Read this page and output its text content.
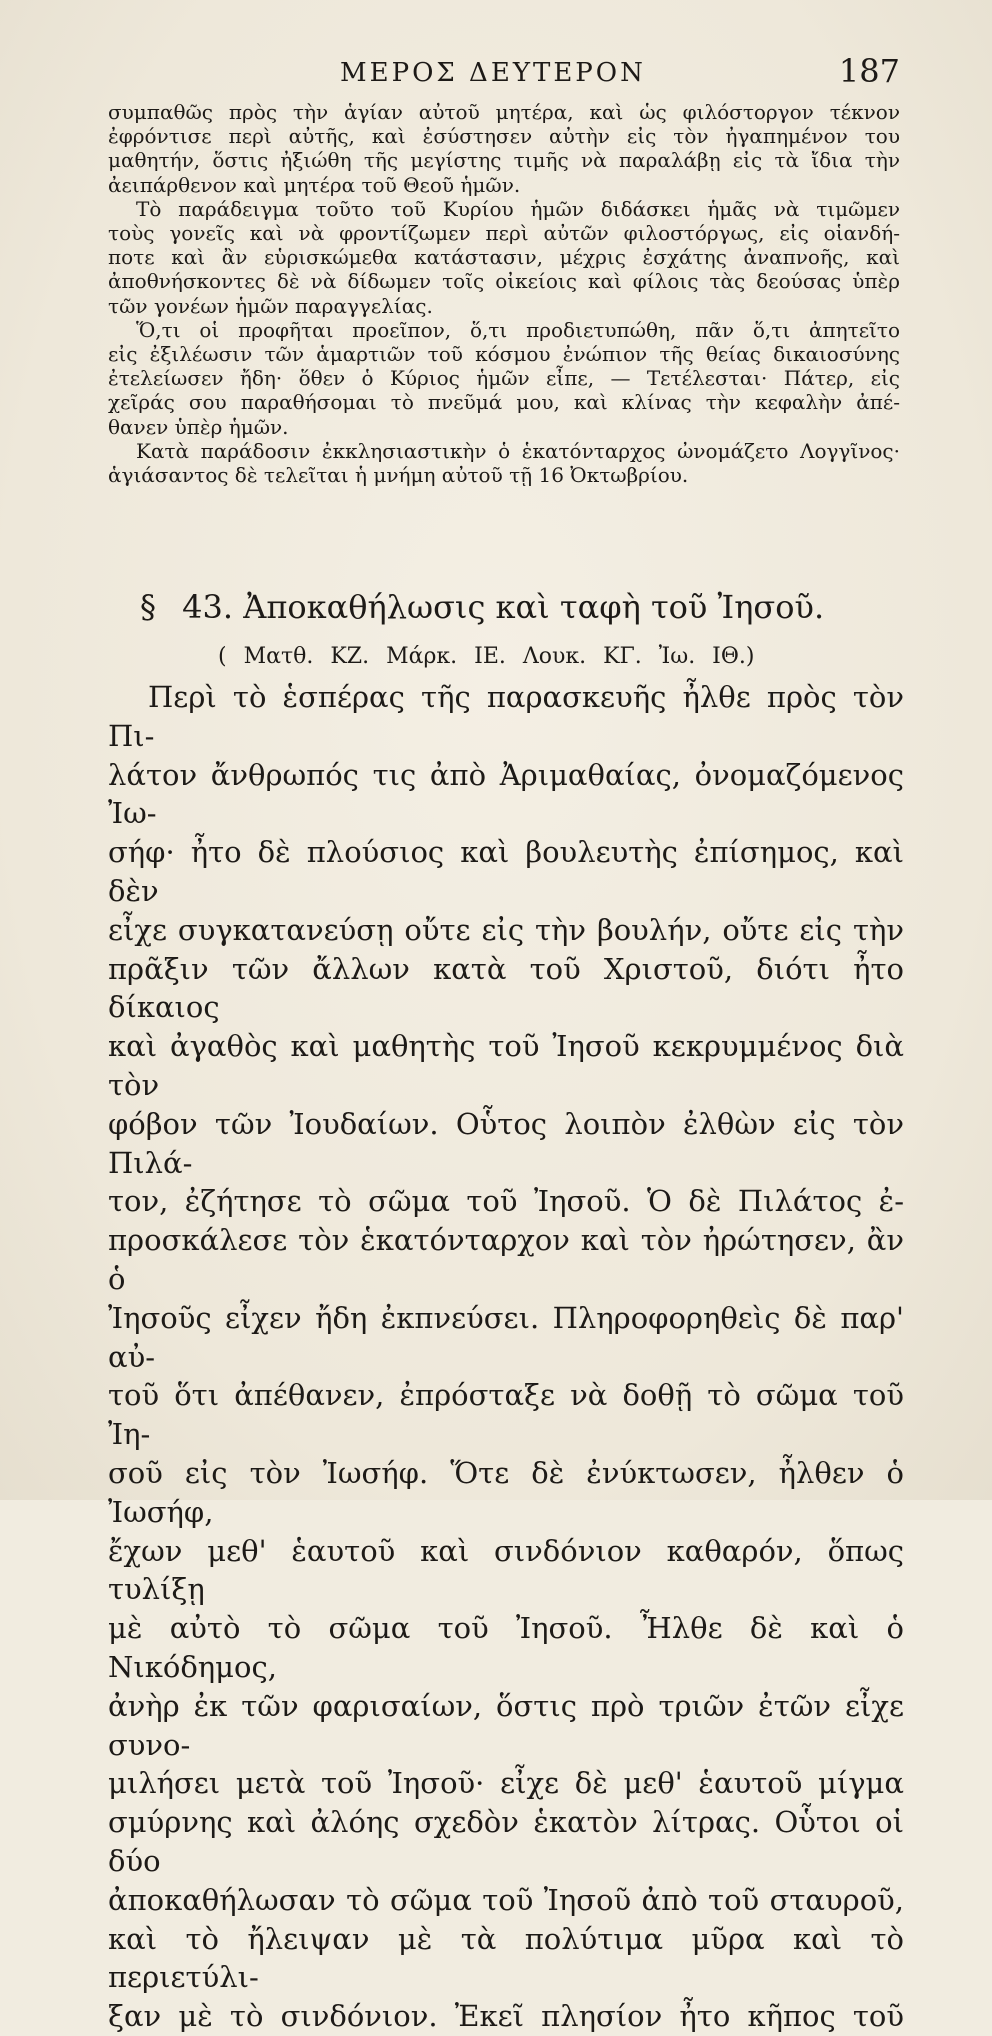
ΜΕΡΟΣ ΔΕΥΤΕΡΟΝ	187

συμπαθῶς πρὸς τὴν ἁγίαν αὐτοῦ μητέρα, καὶ ὡς φιλόστοργον τέκνον

ἐφρόντισε περὶ αὐτῆς, καὶ ἐσύστησεν αὐτὴν εἰς τὸν ἠγαπημένον του

μαθητήν, ὅστις ἠξιώθη τῆς μεγίστης τιμῆς νὰ παραλάβῃ εἰς τὰ ἴδια τὴν

ἀειπάρθενον καὶ μητέρα τοῦ Θεοῦ ἡμῶν.

Τὸ παράδειγμα τοῦτο τοῦ Κυρίου ἡμῶν διδάσκει ἡμᾶς νὰ τιμῶμεν

τοὺς γονεῖς καὶ νὰ φροντίζωμεν περὶ αὐτῶν φιλοστόργως, εἰς οἱανδή-

ποτε καὶ ἂν εὑρισκώμεθα κατάστασιν, μέχρις ἐσχάτης ἀναπνοῆς, καὶ

ἀποθνήσκοντες δὲ νὰ δίδωμεν τοῖς οἰκείοις καὶ φίλοις τὰς δεούσας ὑπὲρ

τῶν γονέων ἡμῶν παραγγελίας.

Ὅ,τι οἱ προφῆται προεῖπον, ὅ,τι προδιετυπώθη, πᾶν ὅ,τι ἀπητεῖτο

εἰς ἐξιλέωσιν τῶν ἁμαρτιῶν τοῦ κόσμου ἐνώπιον τῆς θείας δικαιοσύνης

ἐτελείωσεν ἤδη· ὅθεν ὁ Κύριος ἡμῶν εἶπε, — Τετέλεσται· Πάτερ, εἰς

χεῖράς σου παραθήσομαι τὸ πνεῦμά μου, καὶ κλίνας τὴν κεφαλὴν ἀπέ-

θανεν ὑπὲρ ἡμῶν.

Κατὰ παράδοσιν ἐκκλησιαστικὴν ὁ ἑκατόνταρχος ὠνομάζετο Λογγῖνος·

ἁγιάσαντος δὲ τελεῖται ἡ μνήμη αὐτοῦ τῇ 16 Ὀκτωβρίου.

§ 43. Ἀποκαθήλωσις καὶ ταφὴ τοῦ Ἰησοῦ.
( Ματθ. ΚΖ. Μάρκ. ΙΕ. Λουκ. ΚΓ. Ἰω. ΙΘ.)

Περὶ τὸ ἑσπέρας τῆς παρασκευῆς ἦλθε πρὸς τὸν Πι-

λάτον ἄνθρωπός τις ἀπὸ Ἀριμαθαίας, ὀνομαζόμενος Ἰω-

σήφ· ἦτο δὲ πλούσιος καὶ βουλευτὴς ἐπίσημος, καὶ δὲν

εἶχε συγκατανεύσῃ οὔτε εἰς τὴν βουλήν, οὔτε εἰς τὴν

πρᾶξιν τῶν ἄλλων κατὰ τοῦ Χριστοῦ, διότι ἦτο δίκαιος

καὶ ἀγαθὸς καὶ μαθητὴς τοῦ Ἰησοῦ κεκρυμμένος διὰ τὸν

φόβον τῶν Ἰουδαίων. Οὗτος λοιπὸν ἐλθὼν εἰς τὸν Πιλά-

τον, ἐζήτησε τὸ σῶμα τοῦ Ἰησοῦ. Ὁ δὲ Πιλάτος ἐ-

προσκάλεσε τὸν ἑκατόνταρχον καὶ τὸν ἠρώτησεν, ἂν ὁ

Ἰησοῦς εἶχεν ἤδη ἐκπνεύσει. Πληροφορηθεὶς δὲ παρ' αὐ-

τοῦ ὅτι ἀπέθανεν, ἐπρόσταξε νὰ δοθῇ τὸ σῶμα τοῦ Ἰη-

σοῦ εἰς τὸν Ἰωσήφ. Ὅτε δὲ ἐνύκτωσεν, ἦλθεν ὁ Ἰωσήφ,

ἔχων μεθ' ἑαυτοῦ καὶ σινδόνιον καθαρόν, ὅπως τυλίξῃ

μὲ αὐτὸ τὸ σῶμα τοῦ Ἰησοῦ. Ἦλθε δὲ καὶ ὁ Νικόδημος,

ἀνὴρ ἐκ τῶν φαρισαίων, ὅστις πρὸ τριῶν ἐτῶν εἶχε συνο-

μιλήσει μετὰ τοῦ Ἰησοῦ· εἶχε δὲ μεθ' ἑαυτοῦ μίγμα

σμύρνης καὶ ἀλόης σχεδὸν ἑκατὸν λίτρας. Οὗτοι οἱ δύο

ἀποκαθήλωσαν τὸ σῶμα τοῦ Ἰησοῦ ἀπὸ τοῦ σταυροῦ,

καὶ τὸ ἤλειψαν μὲ τὰ πολύτιμα μῦρα καὶ τὸ περιετύλι-

ξαν μὲ τὸ σινδόνιον. Ἐκεῖ πλησίον ἦτο κῆπος τοῦ
